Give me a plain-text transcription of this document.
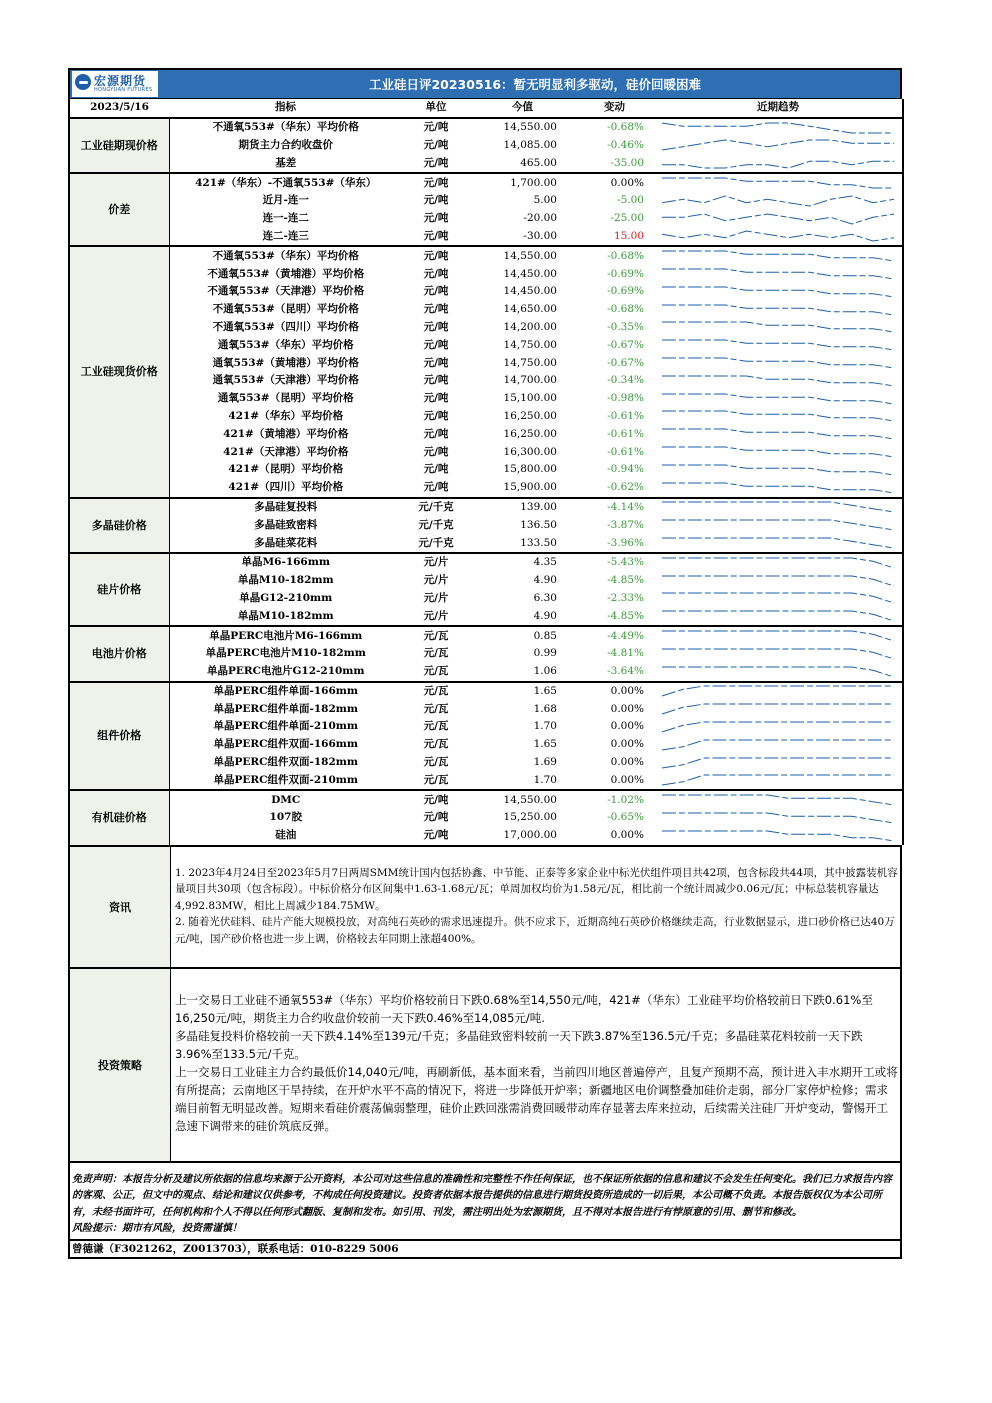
宏源期货
HONGYUAN FUTURES	工业硅日评20230516：暂无明显利多驱动，硅价回暖困难
2023/5/16	指标	单位	今值	变动	近期趋势
工业硅期现价格	不通氧553#（华东）平均价格	元/吨	14,550.00	-0.68%	

	期货主力合约收盘价	元/吨	14,085.00	-0.46%	

	基差	元/吨	465.00	-35.00	

价差	421#（华东）-不通氧553#（华东）	元/吨	1,700.00	0.00%	

	近月-连一	元/吨	5.00	-5.00	

	连一-连二	元/吨	-20.00	-25.00	

	连二-连三	元/吨	-30.00	15.00	

工业硅现货价格	不通氧553#（华东）平均价格	元/吨	14,550.00	-0.68%	

	不通氧553#（黄埔港）平均价格	元/吨	14,450.00	-0.69%	

	不通氧553#（天津港）平均价格	元/吨	14,450.00	-0.69%	

	不通氧553#（昆明）平均价格	元/吨	14,650.00	-0.68%	

	不通氧553#（四川）平均价格	元/吨	14,200.00	-0.35%	

	通氧553#（华东）平均价格	元/吨	14,750.00	-0.67%	

	通氧553#（黄埔港）平均价格	元/吨	14,750.00	-0.67%	

	通氧553#（天津港）平均价格	元/吨	14,700.00	-0.34%	

	通氧553#（昆明）平均价格	元/吨	15,100.00	-0.98%	

	421#（华东）平均价格	元/吨	16,250.00	-0.61%	

	421#（黄埔港）平均价格	元/吨	16,250.00	-0.61%	

	421#（天津港）平均价格	元/吨	16,300.00	-0.61%	

	421#（昆明）平均价格	元/吨	15,800.00	-0.94%	

	421#（四川）平均价格	元/吨	15,900.00	-0.62%	

多晶硅价格	多晶硅复投料	元/千克	139.00	-4.14%	

	多晶硅致密料	元/千克	136.50	-3.87%	

	多晶硅菜花料	元/千克	133.50	-3.96%	

硅片价格	单晶M6-166mm	元/片	4.35	-5.43%	

	单晶M10-182mm	元/片	4.90	-4.85%	

	单晶G12-210mm	元/片	6.30	-2.33%	

	单晶M10-182mm	元/片	4.90	-4.85%	

电池片价格	单晶PERC电池片M6-166mm	元/瓦	0.85	-4.49%	

	单晶PERC电池片M10-182mm	元/瓦	0.99	-4.81%	

	单晶PERC电池片G12-210mm	元/瓦	1.06	-3.64%	

组件价格	单晶PERC组件单面-166mm	元/瓦	1.65	0.00%	

	单晶PERC组件单面-182mm	元/瓦	1.68	0.00%	

	单晶PERC组件单面-210mm	元/瓦	1.70	0.00%	

	单晶PERC组件双面-166mm	元/瓦	1.65	0.00%	

	单晶PERC组件双面-182mm	元/瓦	1.69	0.00%	

	单晶PERC组件双面-210mm	元/瓦	1.70	0.00%	

有机硅价格	DMC	元/吨	14,550.00	-1.02%	

	107胶	元/吨	15,250.00	-0.65%	

	硅油	元/吨	17,000.00	0.00%	
资讯

1. 2023年4月24日至2023年5月7日两周SMM统计国内包括协鑫、中节能、正泰等多家企业中标光伏组件项目共42项，包含标段共44项，其中披露装机容量项目共30项（包含标段）。中标价格分布区间集中1.63-1.68元/瓦；单周加权均价为1.58元/瓦，相比前一个统计周减少0.06元/瓦；中标总装机容量达4,992.83MW，相比上周减少184.75MW。

2. 随着光伏硅料、硅片产能大规模投放，对高纯石英砂的需求迅速提升。供不应求下，近期高纯石英砂价格继续走高，行业数据显示，进口砂价格已达40万元/吨，国产砂价格也进一步上调，价格较去年同期上涨超400%。

投资策略

上一交易日工业硅不通氧553#（华东）平均价格较前日下跌0.68%至14,550元/吨，421#（华东）工业硅平均价格较前日下跌0.61%至16,250元/吨，期货主力合约收盘价较前一天下跌0.46%至14,085元/吨.

多晶硅复投料价格较前一天下跌4.14%至139元/千克；多晶硅致密料较前一天下跌3.87%至136.5元/千克；多晶硅菜花料较前一天下跌3.96%至133.5元/千克。

上一交易日工业硅主力合约最低价14,040元/吨，再刷新低，基本面来看，当前四川地区普遍停产，且复产预期不高，预计进入丰水期开工或将有所提高；云南地区干旱持续，在开炉水平不高的情况下，将进一步降低开炉率；新疆地区电价调整叠加硅价走弱，部分厂家停炉检修；需求端目前暂无明显改善。短期来看硅价震荡偏弱整理，硅价止跌回涨需消费回暖带动库存显著去库来拉动，后续需关注硅厂开炉变动，警惕开工急速下调带来的硅价筑底反弹。

免责声明：本报告分析及建议所依据的信息均来源于公开资料，本公司对这些信息的准确性和完整性不作任何保证，也不保证所依据的信息和建议不会发生任何变化。我们已力求报告内容的客观、公正，但文中的观点、结论和建议仅供参考，不构成任何投资建议。投资者依据本报告提供的信息进行期货投资所造成的一切后果，本公司概不负责。本报告版权仅为本公司所有，未经书面许可，任何机构和个人不得以任何形式翻版、复制和发布。如引用、刊发，需注明出处为宏源期货，且不得对本报告进行有悖原意的引用、删节和修改。

风险提示：期市有风险，投资需谨慎！

曾德谦（F3021262，Z0013703），联系电话：010-8229 5006
